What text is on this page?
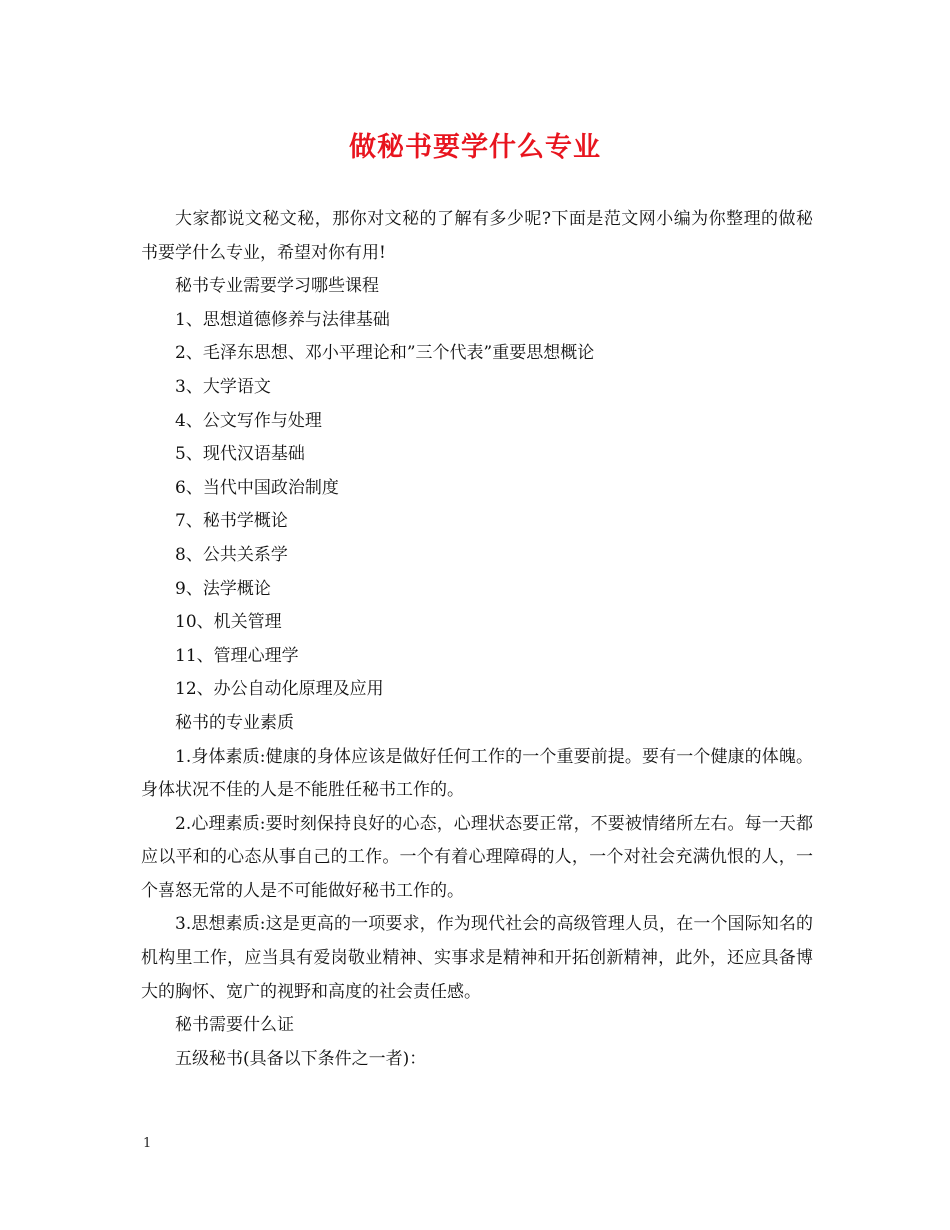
做秘书要学什么专业

大家都说文秘文秘，那你对文秘的了解有多少呢?下面是范文网小编为你整理的做秘书要学什么专业，希望对你有用!

秘书专业需要学习哪些课程

1、思想道德修养与法律基础

2、毛泽东思想、邓小平理论和”三个代表”重要思想概论

3、大学语文

4、公文写作与处理

5、现代汉语基础

6、当代中国政治制度

7、秘书学概论

8、公共关系学

9、法学概论

10、机关管理

11、管理心理学

12、办公自动化原理及应用

秘书的专业素质

1.身体素质:健康的身体应该是做好任何工作的一个重要前提。要有一个健康的体魄。身体状况不佳的人是不能胜任秘书工作的。

2.心理素质:要时刻保持良好的心态，心理状态要正常，不要被情绪所左右。每一天都应以平和的心态从事自己的工作。一个有着心理障碍的人，一个对社会充满仇恨的人，一个喜怒无常的人是不可能做好秘书工作的。

3.思想素质:这是更高的一项要求，作为现代社会的高级管理人员，在一个国际知名的机构里工作，应当具有爱岗敬业精神、实事求是精神和开拓创新精神，此外，还应具备博大的胸怀、宽广的视野和高度的社会责任感。

秘书需要什么证

五级秘书(具备以下条件之一者)：

1
